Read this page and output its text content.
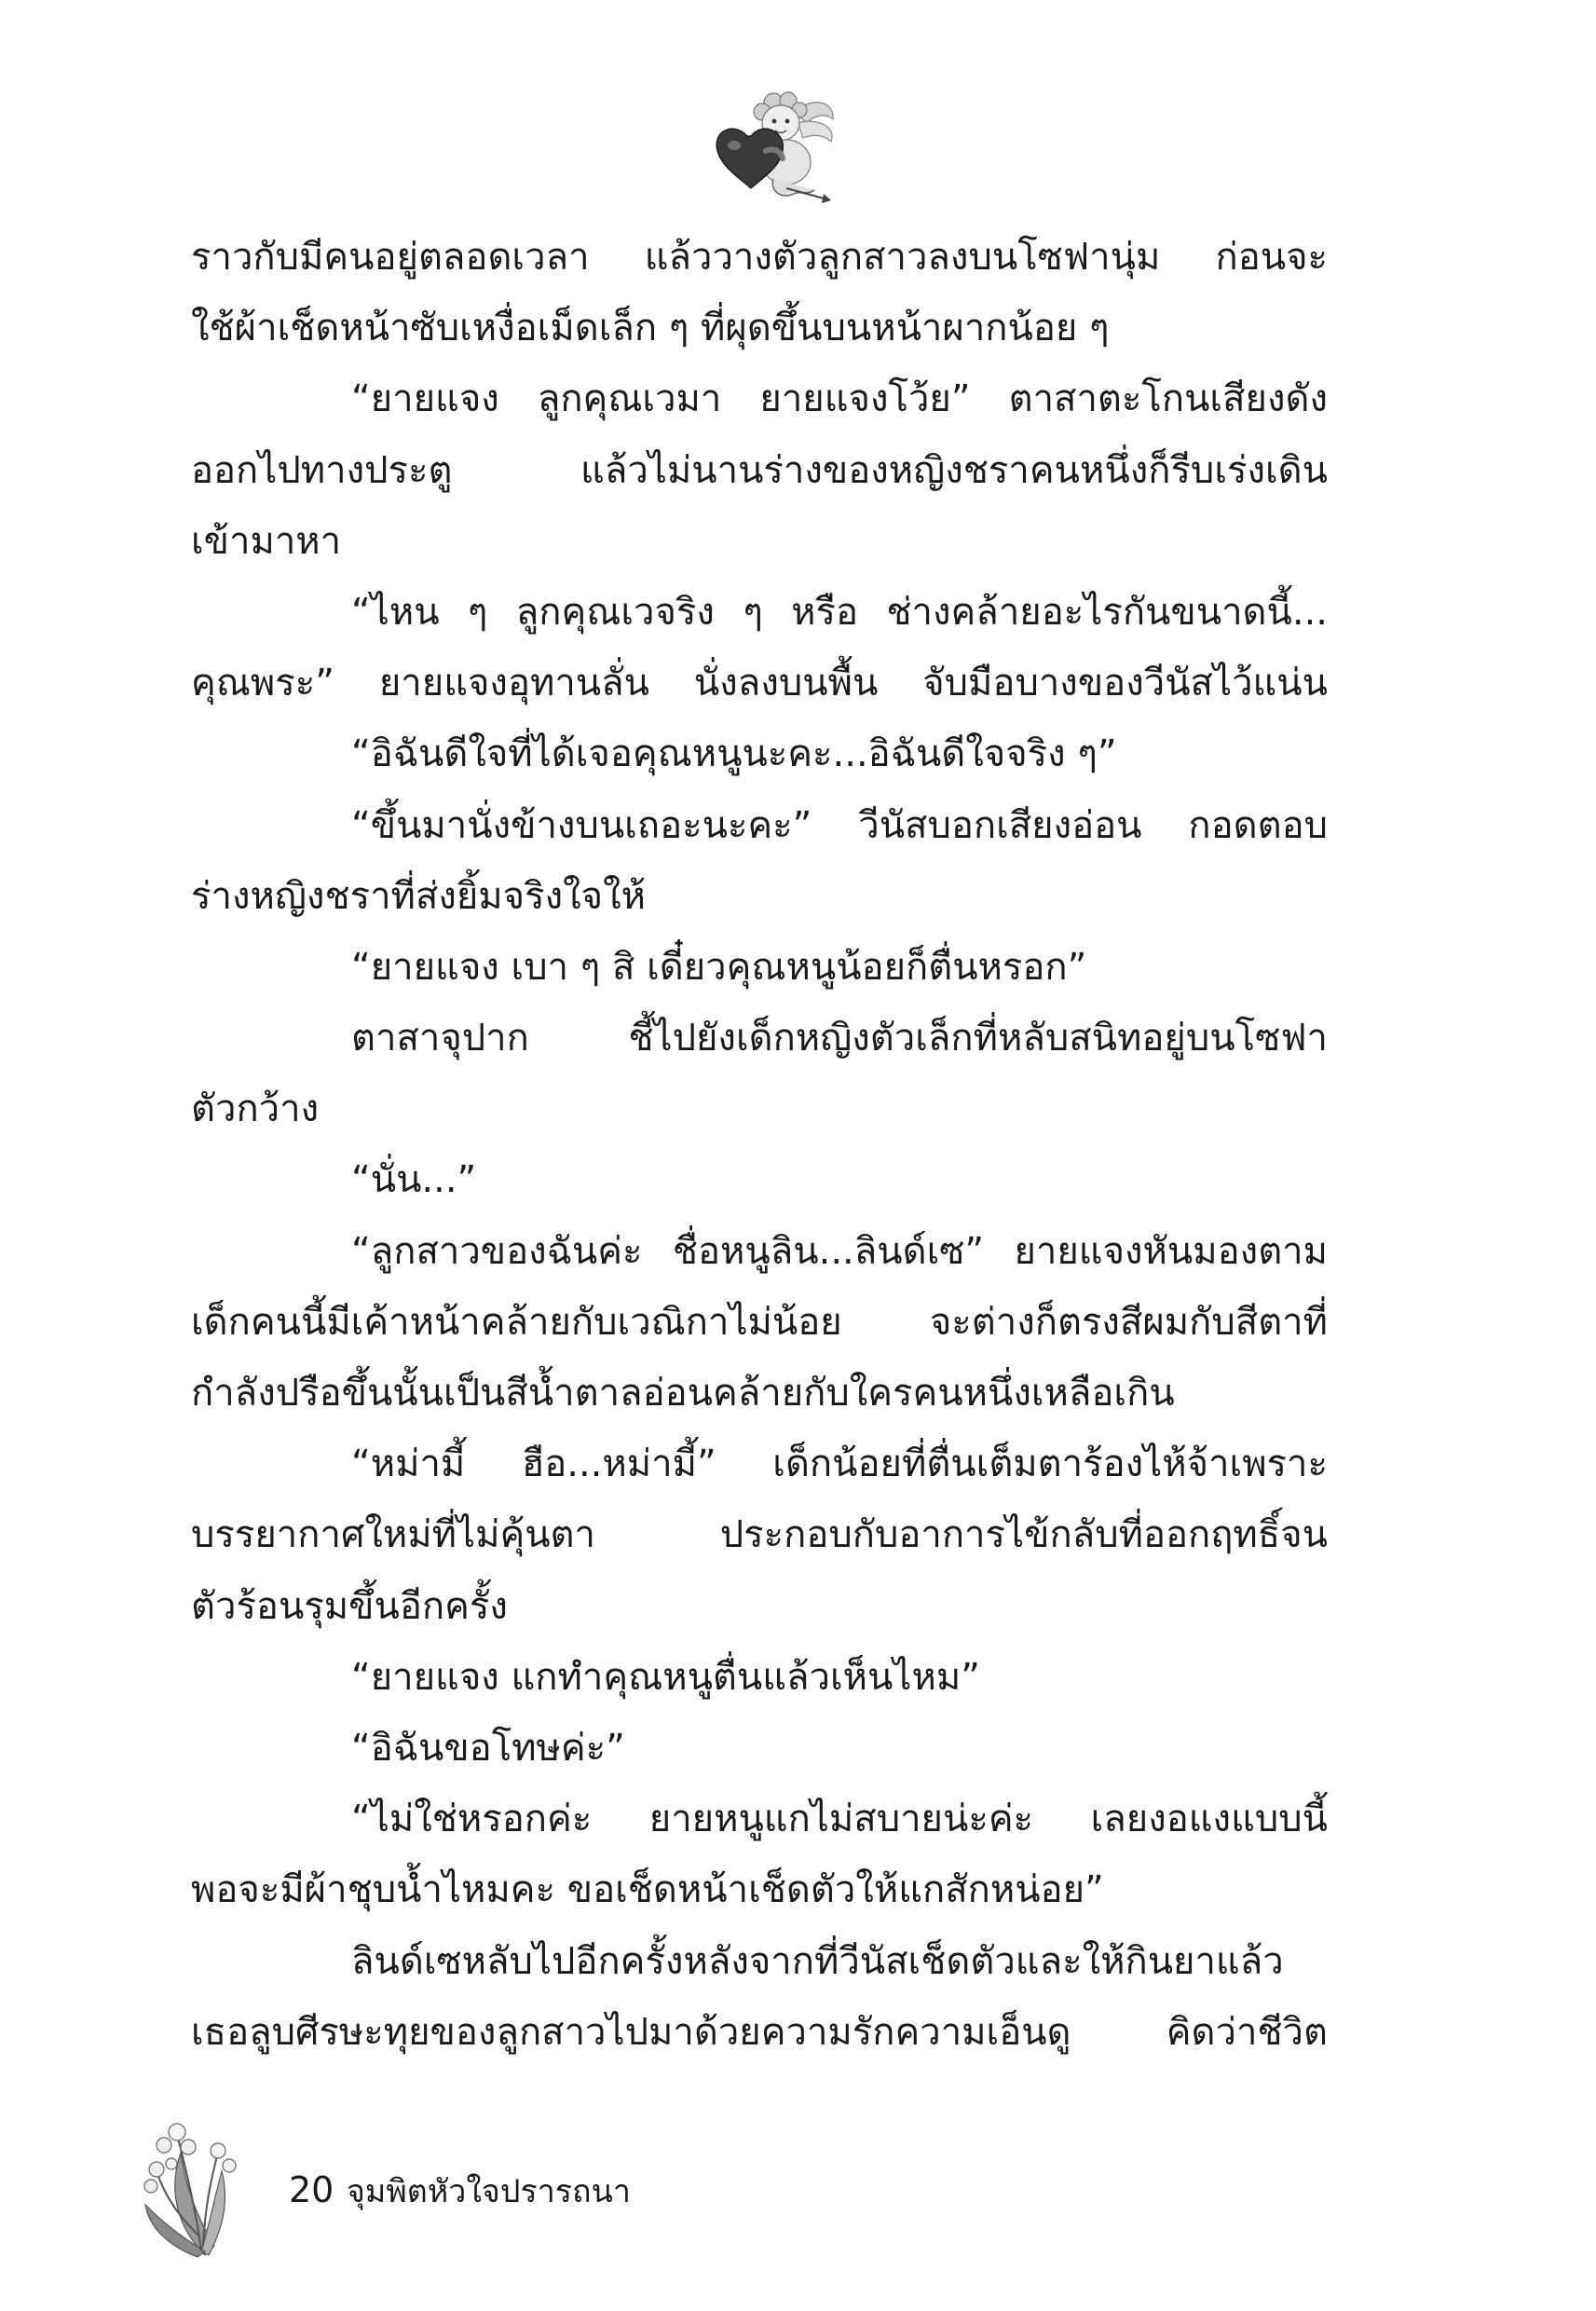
ราวกับมีคนอยู่ตลอดเวลา แล้ววางตัวลูกสาวลงบนโซฟานุ่ม ก่อนจะ
ใช้ผ้าเช็ดหน้าซับเหงื่อเม็ดเล็ก ๆ ที่ผุดขึ้นบนหน้าผากน้อย ๆ
“ยายแจง ลูกคุณเวมา ยายแจงโว้ย” ตาสาตะโกนเสียงดัง
ออกไปทางประตู แล้วไม่นานร่างของหญิงชราคนหนึ่งก็รีบเร่งเดิน
เข้ามาหา
“ไหน ๆ ลูกคุณเวจริง ๆ หรือ ช่างคล้ายอะไรกันขนาดนี้...
คุณพระ” ยายแจงอุทานลั่น นั่งลงบนพื้น จับมือบางของวีนัสไว้แน่น
“อิฉันดีใจที่ได้เจอคุณหนูนะคะ...อิฉันดีใจจริง ๆ”
“ขึ้นมานั่งข้างบนเถอะนะคะ” วีนัสบอกเสียงอ่อน กอดตอบ
ร่างหญิงชราที่ส่งยิ้มจริงใจให้
“ยายแจง เบา ๆ สิ เดี๋ยวคุณหนูน้อยก็ตื่นหรอก”
ตาสาจุปาก ชี้ไปยังเด็กหญิงตัวเล็กที่หลับสนิทอยู่บนโซฟา
ตัวกว้าง
“นั่น...”
“ลูกสาวของฉันค่ะ ชื่อหนูลิน...ลินด์เซ” ยายแจงหันมองตาม
เด็กคนนี้มีเค้าหน้าคล้ายกับเวณิกาไม่น้อย จะต่างก็ตรงสีผมกับสีตาที่
กำลังปรือขึ้นนั้นเป็นสีน้ำตาลอ่อนคล้ายกับใครคนหนึ่งเหลือเกิน
“หม่ามี้ ฮือ...หม่ามี้” เด็กน้อยที่ตื่นเต็มตาร้องไห้จ้าเพราะ
บรรยากาศใหม่ที่ไม่คุ้นตา ประกอบกับอาการไข้กลับที่ออกฤทธิ์จน
ตัวร้อนรุมขึ้นอีกครั้ง
“ยายแจง แกทำคุณหนูตื่นแล้วเห็นไหม”
“อิฉันขอโทษค่ะ”
“ไม่ใช่หรอกค่ะ ยายหนูแกไม่สบายน่ะค่ะ เลยงอแงแบบนี้
พอจะมีผ้าชุบน้ำไหมคะ ขอเช็ดหน้าเช็ดตัวให้แกสักหน่อย”
ลินด์เซหลับไปอีกครั้งหลังจากที่วีนัสเช็ดตัวและให้กินยาแล้ว
เธอลูบศีรษะทุยของลูกสาวไปมาด้วยความรักความเอ็นดู คิดว่าชีวิต
20 จุมพิตหัวใจปรารถนา
